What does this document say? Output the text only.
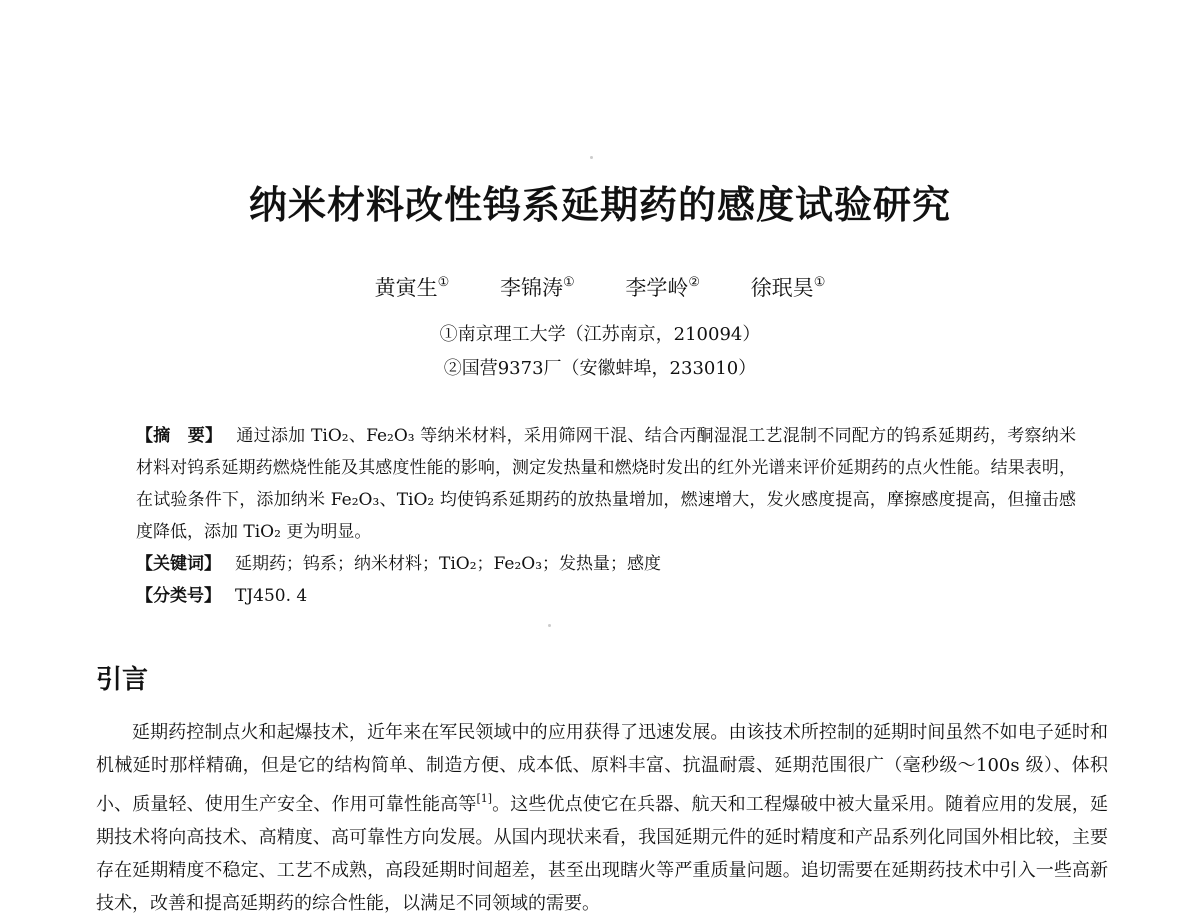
纳米材料改性钨系延期药的感度试验研究
黄寅生① 李锦涛① 李学岭② 徐珉昊①
①南京理工大学（江苏南京，210094）
②国营9373厂（安徽蚌埠，233010）

【摘　要】 通过添加 TiO₂、Fe₂O₃ 等纳米材料，采用筛网干混、结合丙酮湿混工艺混制不同配方的钨系延期药，考察纳米材料对钨系延期药燃烧性能及其感度性能的影响，测定发热量和燃烧时发出的红外光谱来评价延期药的点火性能。结果表明，在试验条件下，添加纳米 Fe₂O₃、TiO₂ 均使钨系延期药的放热量增加，燃速增大，发火感度提高，摩擦感度提高，但撞击感度降低，添加 TiO₂ 更为明显。

【关键词】 延期药；钨系；纳米材料；TiO₂；Fe₂O₃；发热量；感度

【分类号】 TJ450. 4

引言

延期药控制点火和起爆技术，近年来在军民领域中的应用获得了迅速发展。由该技术所控制的延期时间虽然不如电子延时和机械延时那样精确，但是它的结构简单、制造方便、成本低、原料丰富、抗温耐震、延期范围很广（毫秒级～100s 级）、体积小、质量轻、使用生产安全、作用可靠性能高等[1]。这些优点使它在兵器、航天和工程爆破中被大量采用。随着应用的发展，延期技术将向高技术、高精度、高可靠性方向发展。从国内现状来看，我国延期元件的延时精度和产品系列化同国外相比较，主要存在延期精度不稳定、工艺不成熟，高段延期时间超差，甚至出现瞎火等严重质量问题。追切需要在延期药技术中引入一些高新技术，改善和提高延期药的综合性能，以满足不同领域的需要。
